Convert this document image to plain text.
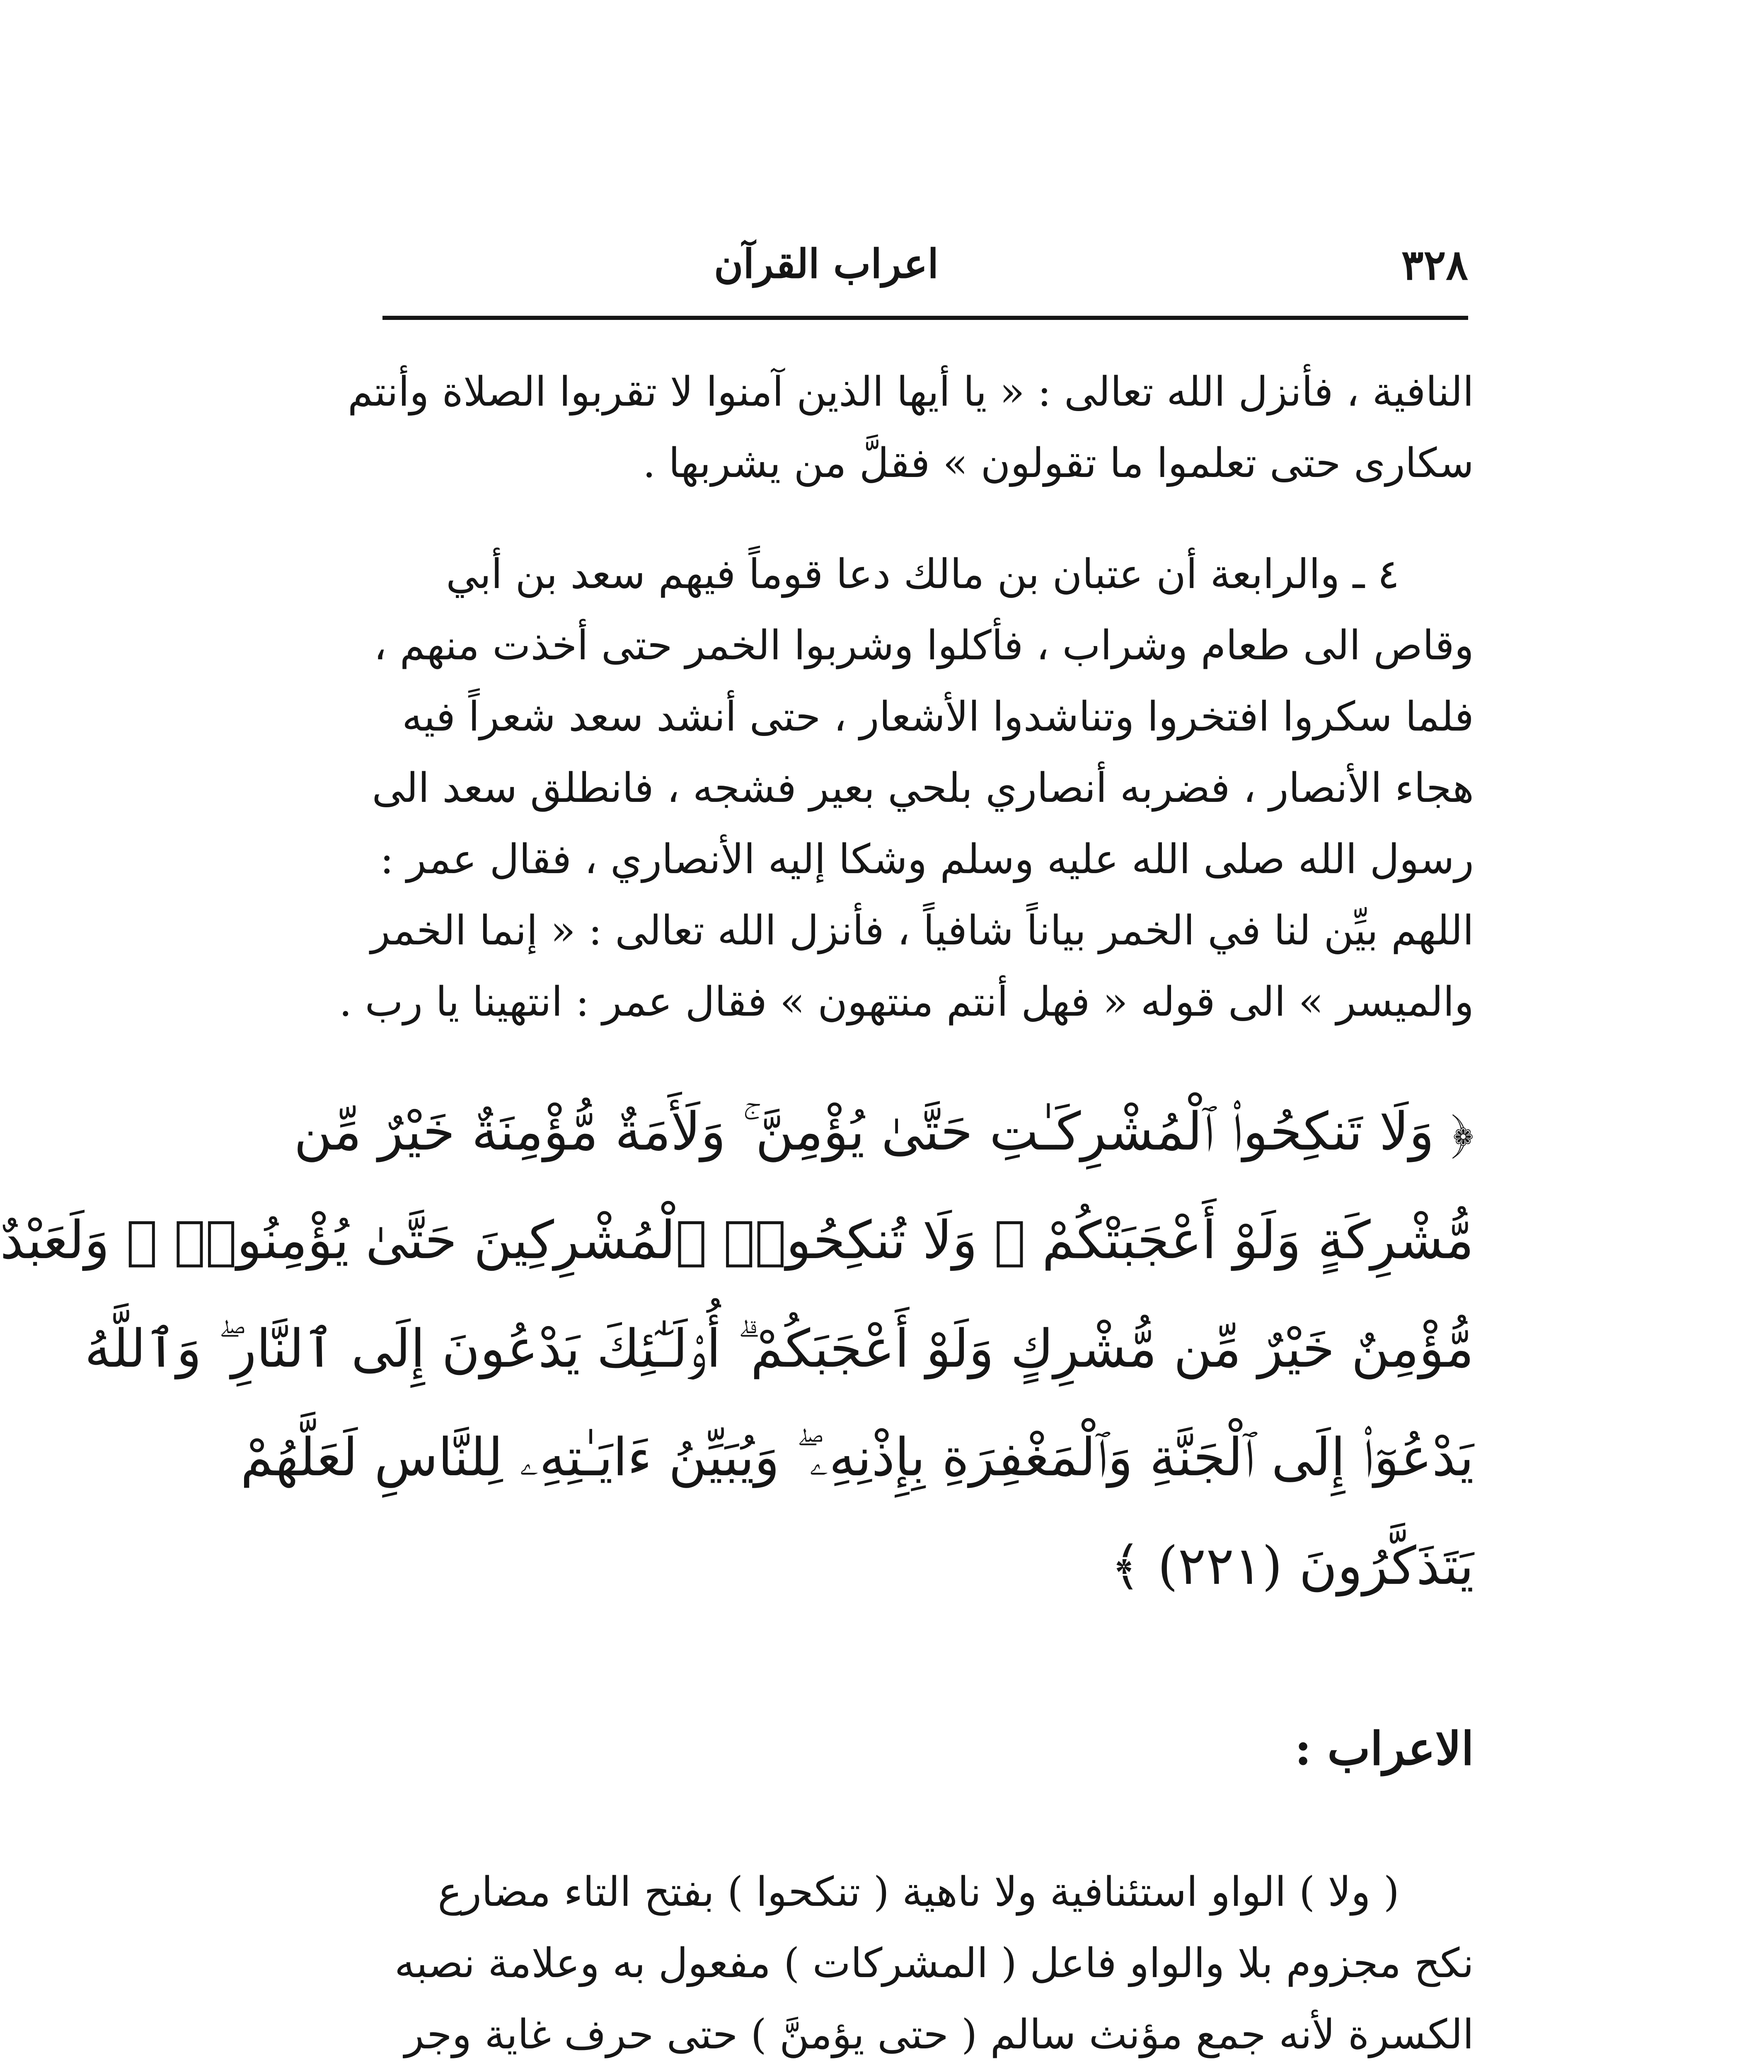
٣٢٨
اعراب القرآن
النافية ، فأنزل الله تعالى : « يا أيها الذين آمنوا لا تقربوا الصلاة وأنتم
سكارى حتى تعلموا ما تقولون » فقلَّ من يشربها .
٤ ـ والرابعة أن عتبان بن مالك دعا قوماً فيهم سعد بن أبي
وقاص الى طعام وشراب ، فأكلوا وشربوا الخمر حتى أخذت منهم ،
فلما سكروا افتخروا وتناشدوا الأشعار ، حتى أنشد سعد شعراً فيه
هجاء الأنصار ، فضربه أنصاري بلحي بعير فشجه ، فانطلق سعد الى
رسول الله صلى الله عليه وسلم وشكا إليه الأنصاري ، فقال عمر :
اللهم بيِّن لنا في الخمر بياناً شافياً ، فأنزل الله تعالى : « إنما الخمر
والميسر » الى قوله « فهل أنتم منتهون » فقال عمر : انتهينا يا رب .
﴿ وَلَا تَنكِحُوا۟ ٱلْمُشْرِكَـٰتِ حَتَّىٰ يُؤْمِنَّ ۚ وَلَأَمَةٌ مُّؤْمِنَةٌ خَيْرٌ مِّن
مُّشْرِكَةٍ وَلَوْ أَعْجَبَتْكُمْ ۗ وَلَا تُنكِحُوا۟ ٱلْمُشْرِكِينَ حَتَّىٰ يُؤْمِنُوا۟ ۚ وَلَعَبْدٌ
مُّؤْمِنٌ خَيْرٌ مِّن مُّشْرِكٍ وَلَوْ أَعْجَبَكُمْ ۗ أُو۟لَـٰٓئِكَ يَدْعُونَ إِلَى ٱلنَّارِ ۖ وَٱللَّهُ
يَدْعُوٓا۟ إِلَى ٱلْجَنَّةِ وَٱلْمَغْفِرَةِ بِإِذْنِهِۦ ۖ وَيُبَيِّنُ ءَايَـٰتِهِۦ لِلنَّاسِ لَعَلَّهُمْ
يَتَذَكَّرُونَ (٢٢١) ﴾
الاعراب :
( ولا ) الواو استئنافية ولا ناهية ( تنكحوا ) بفتح التاء مضارع
نكح مجزوم بلا والواو فاعل ( المشركات ) مفعول به وعلامة نصبه
الكسرة لأنه جمع مؤنث سالم ( حتى يؤمنَّ ) حتى حرف غاية وجر
